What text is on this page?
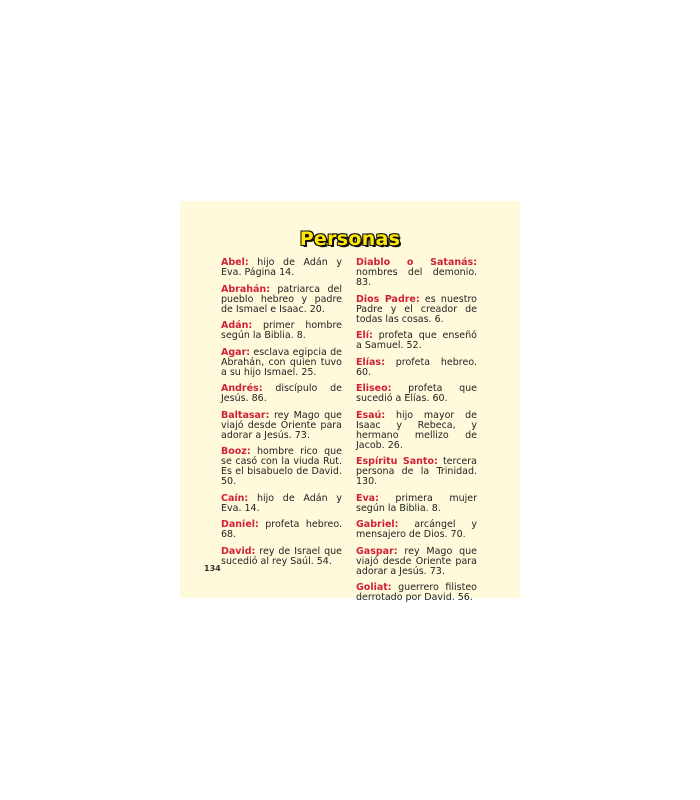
Personas

Abel: hijo de Adán y Eva. Página 14.

Abrahán: patriarca del pueblo hebreo y padre de Ismael e Isaac. 20.

Adán: primer hombre según la Biblia. 8.

Agar: esclava egipcia de Abrahán, con quien tuvo a su hijo Ismael. 25.

Andrés: discípulo de Jesús. 86.

Baltasar: rey Mago que viajó desde Oriente para adorar a Jesús. 73.

Booz: hombre rico que se casó con la viuda Rut. Es el bisabuelo de David. 50.

Caín: hijo de Adán y Eva. 14.

Daniel: profeta hebreo. 68.

David: rey de Israel que sucedió al rey Saúl. 54.

Diablo o Satanás: nombres del demonio. 83.

Dios Padre: es nuestro Padre y el creador de todas las cosas. 6.

Elí: profeta que enseñó a Samuel. 52.

Elías: profeta hebreo. 60.

Eliseo: profeta que sucedió a Elías. 60.

Esaú: hijo mayor de Isaac y Rebeca, y hermano mellizo de Jacob. 26.

Espíritu Santo: tercera persona de la Trinidad. 130.

Eva: primera mujer según la Biblia. 8.

Gabriel: arcángel y mensajero de Dios. 70.

Gaspar: rey Mago que viajó desde Oriente para adorar a Jesús. 73.

Goliat: guerrero filisteo derrotado por David. 56.

134
